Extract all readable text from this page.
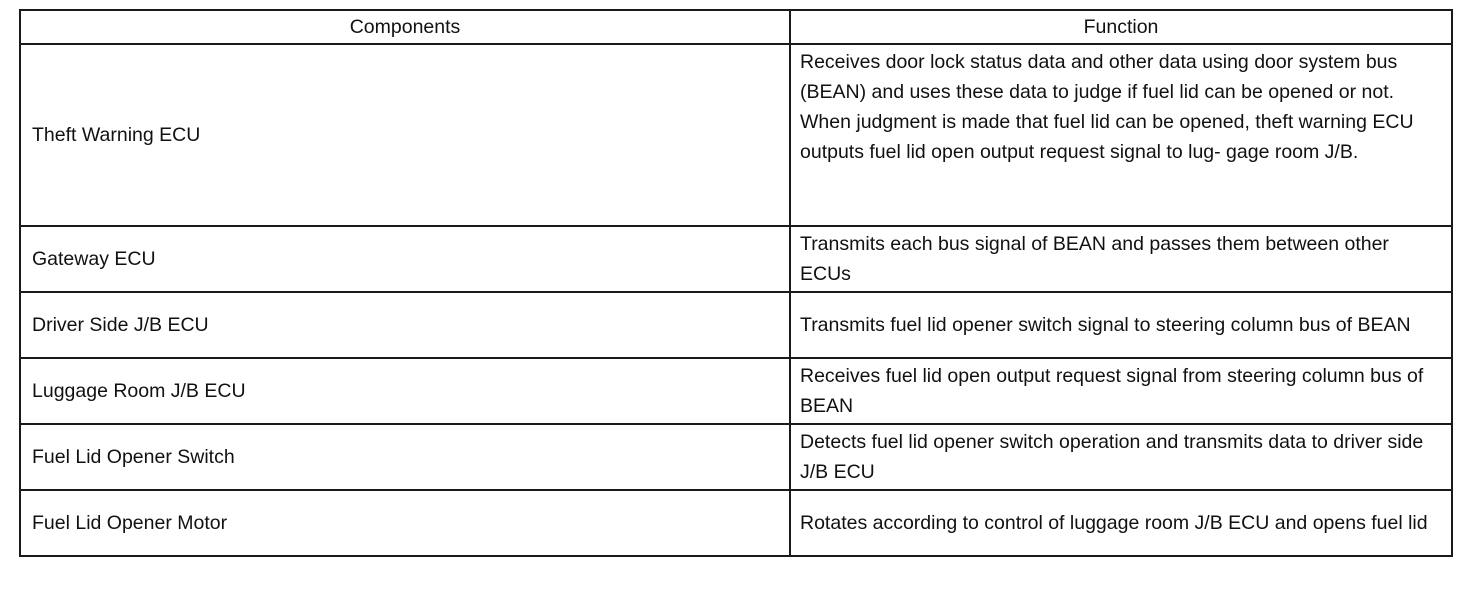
Components	Function
Theft Warning ECU	Receives door lock status data and other data using door system bus (BEAN) and uses these data to judge if fuel lid can be opened or not. When judgment is made that fuel lid can be opened, theft warning ECU outputs fuel lid open output request signal to lug- gage room J/B.
Gateway ECU	Transmits each bus signal of BEAN and passes them between other ECUs
Driver Side J/B ECU	Transmits fuel lid opener switch signal to steering column bus of BEAN
Luggage Room J/B ECU	Receives fuel lid open output request signal from steering column bus of BEAN
Fuel Lid Opener Switch	Detects fuel lid opener switch operation and transmits data to driver side J/B ECU
Fuel Lid Opener Motor	Rotates according to control of luggage room J/B ECU and opens fuel lid
